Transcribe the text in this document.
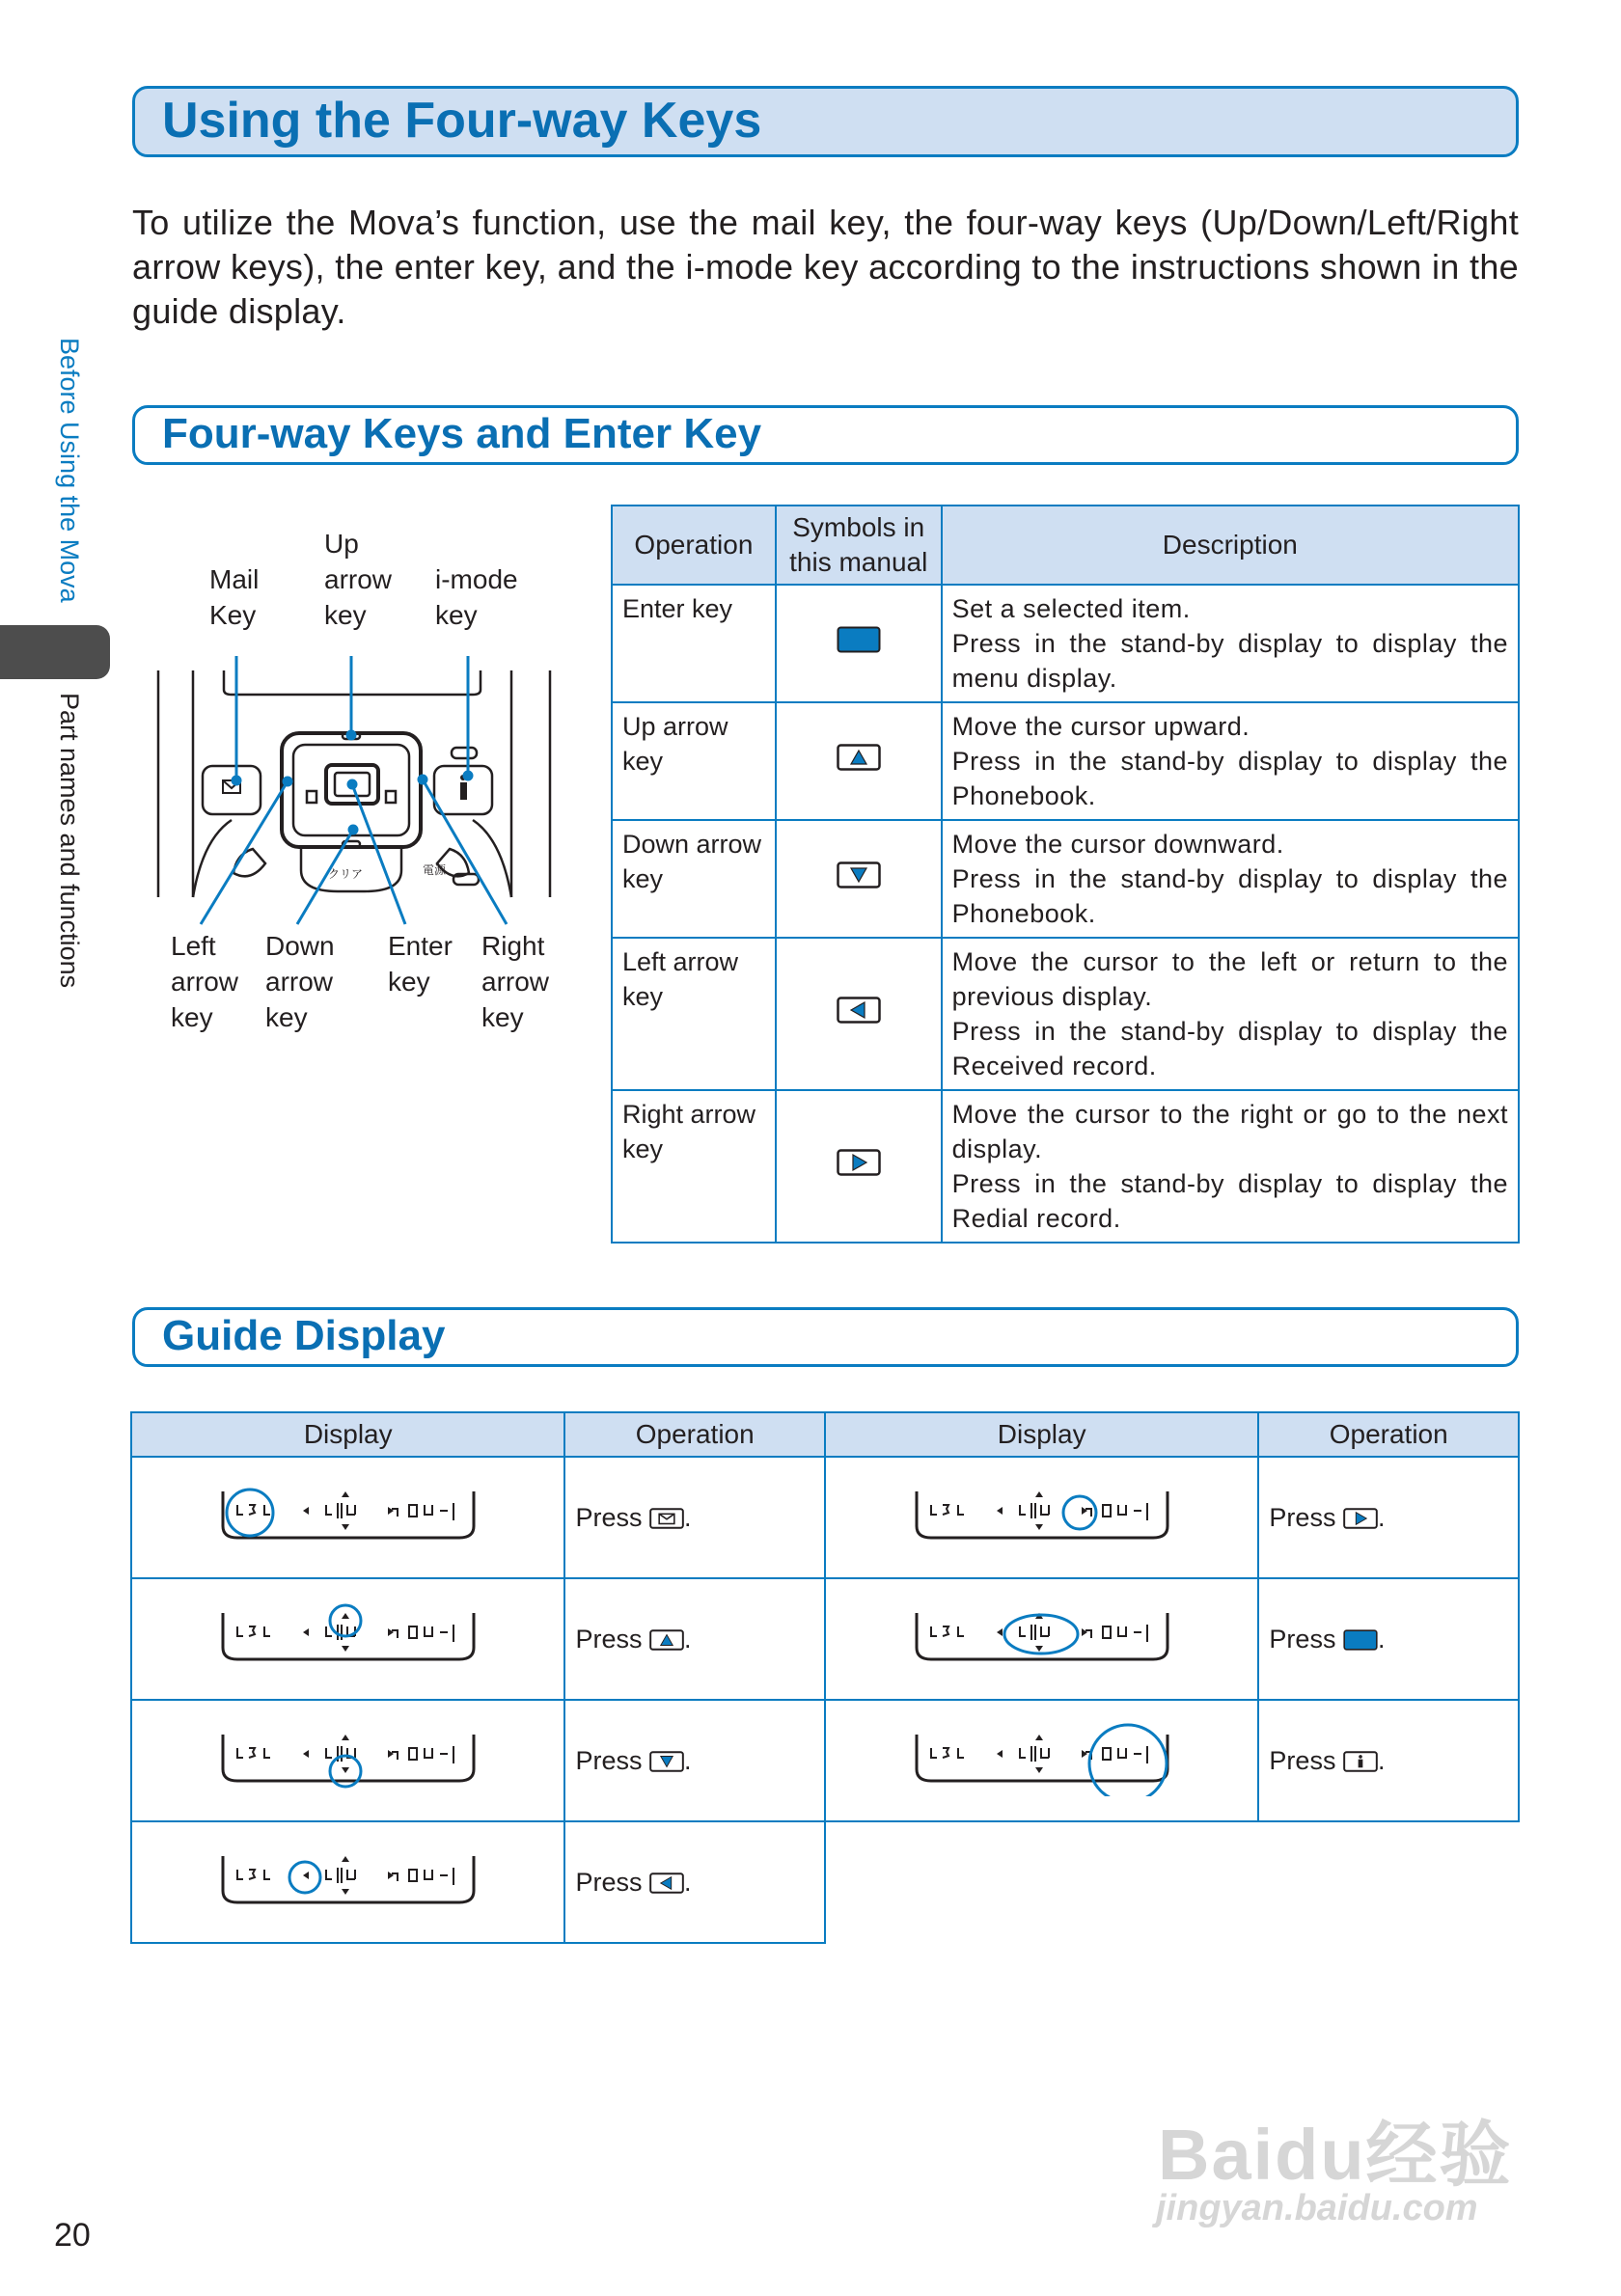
Using the Four-way Keys
To utilize the Mova’s function, use the mail key, the four-way keys (Up/Down/Left/Right arrow keys), the enter key, and the i-mode key according to the instructions shown in the guide display.
Before Using the Mova
Part names and functions
Four-way Keys and Enter Key
クリア	電源
Up
arrow
key
Mail
Key
i-mode
key
Left
arrow
key
Down
arrow
key
Enter
key
Right
arrow
key
Operation	Symbols in this manual	Description
Enter key		Set a selected item.
Press in the stand-by display to display the menu display.
Up arrow key		Move the cursor upward.
Press in the stand-by display to display the Phonebook.
Down arrow key		Move the cursor downward.
Press in the stand-by display to display the Phonebook.
Left arrow key		Move the cursor to the left or return to the previous display.
Press in the stand-by display to display the Received record.
Right arrow key		Move the cursor to the right or go to the next display.
Press in the stand-by display to display the Redial record.
Guide Display
Display	Operation	Display	Operation
	Press .		Press .
	Press .		Press .
	Press .		Press .
	Press .		
20
Baidu经验
jingyan.baidu.com
